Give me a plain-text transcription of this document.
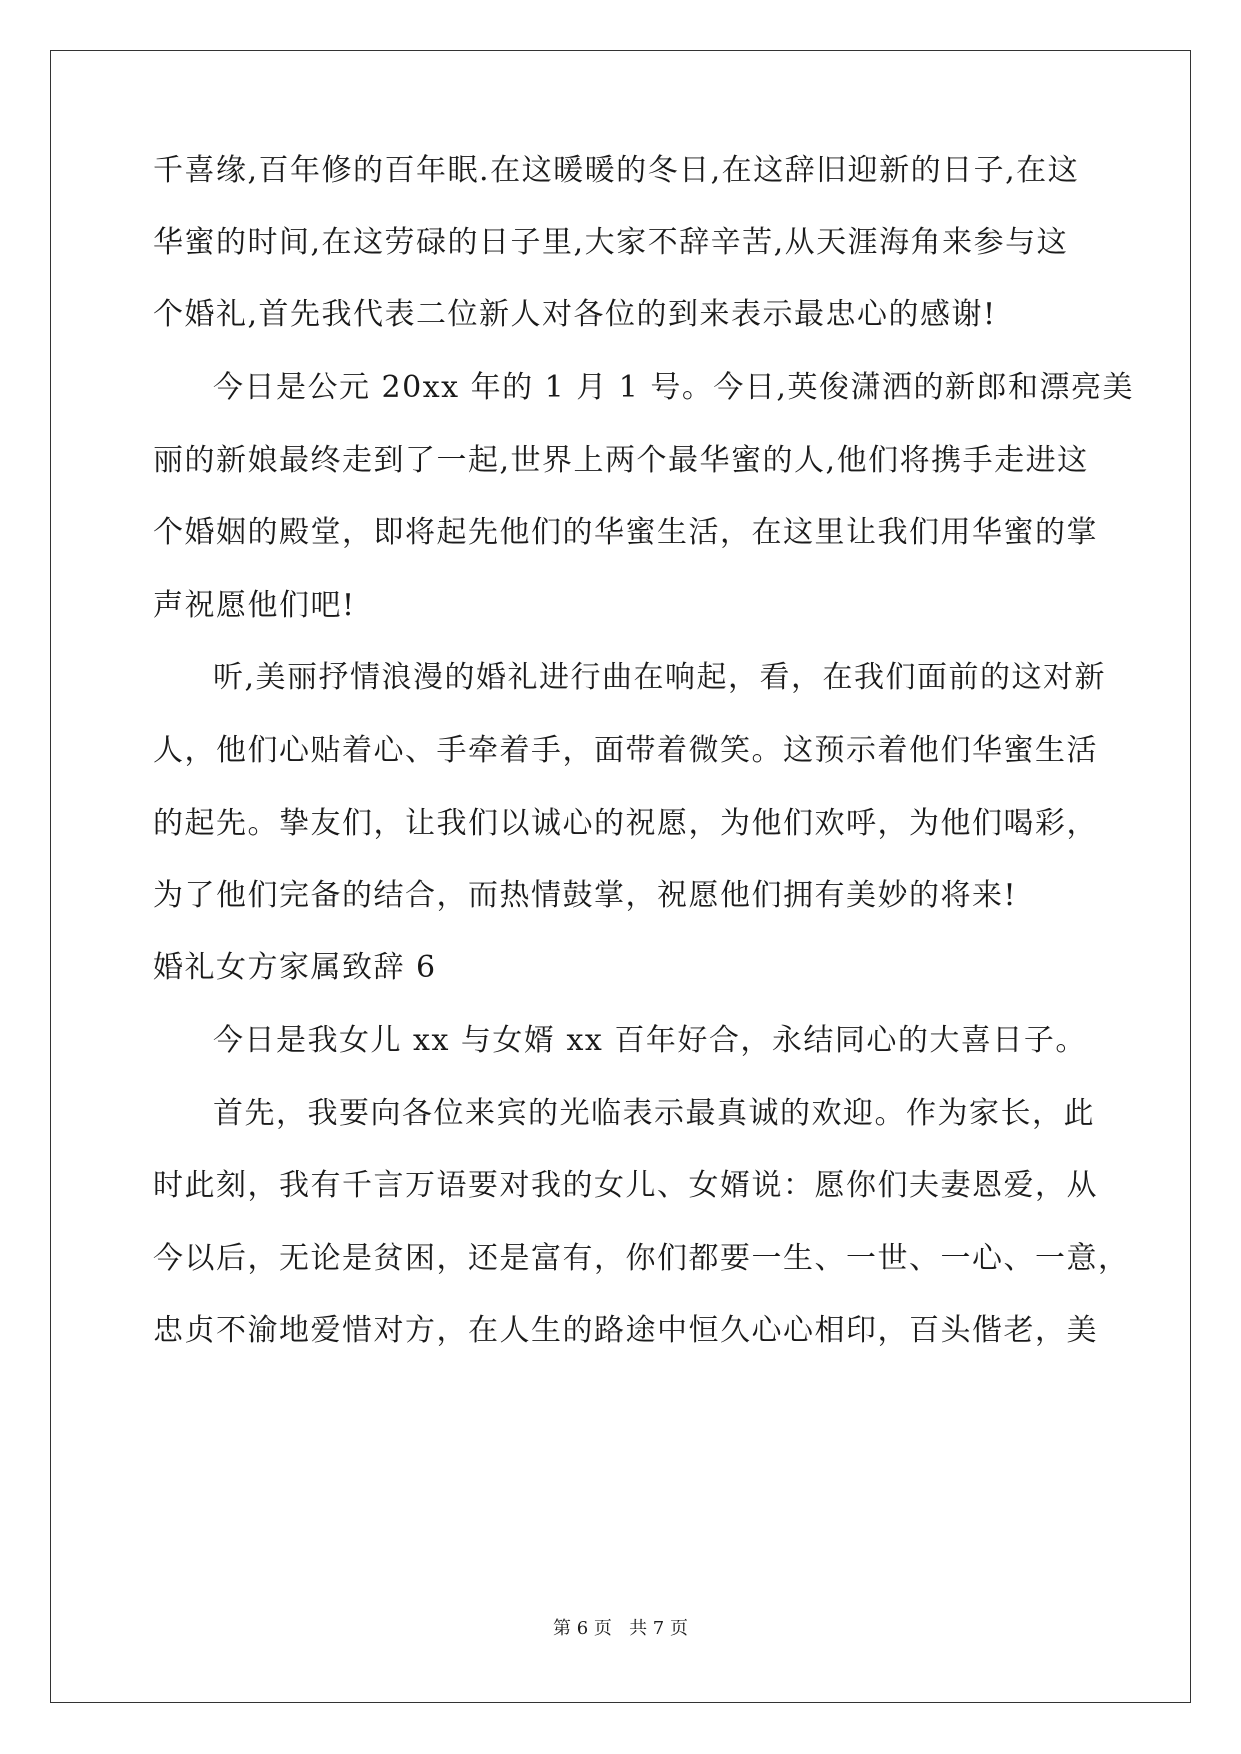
千喜缘,百年修的百年眠.在这暖暖的冬日,在这辞旧迎新的日子,在这
华蜜的时间,在这劳碌的日子里,大家不辞辛苦,从天涯海角来参与这
个婚礼,首先我代表二位新人对各位的到来表示最忠心的感谢!
今日是公元 20xx 年的 1 月 1 号。今日,英俊潇洒的新郎和漂亮美
丽的新娘最终走到了一起,世界上两个最华蜜的人,他们将携手走进这
个婚姻的殿堂，即将起先他们的华蜜生活，在这里让我们用华蜜的掌
声祝愿他们吧!
听,美丽抒情浪漫的婚礼进行曲在响起，看，在我们面前的这对新
人，他们心贴着心、手牵着手，面带着微笑。这预示着他们华蜜生活
的起先。挚友们，让我们以诚心的祝愿，为他们欢呼，为他们喝彩，
为了他们完备的结合，而热情鼓掌，祝愿他们拥有美妙的将来!
婚礼女方家属致辞 6
今日是我女儿 xx 与女婿 xx 百年好合，永结同心的大喜日子。
首先，我要向各位来宾的光临表示最真诚的欢迎。作为家长，此
时此刻，我有千言万语要对我的女儿、女婿说：愿你们夫妻恩爱，从
今以后，无论是贫困，还是富有，你们都要一生、一世、一心、一意，
忠贞不渝地爱惜对方，在人生的路途中恒久心心相印，百头偕老，美
第 6 页   共 7 页
